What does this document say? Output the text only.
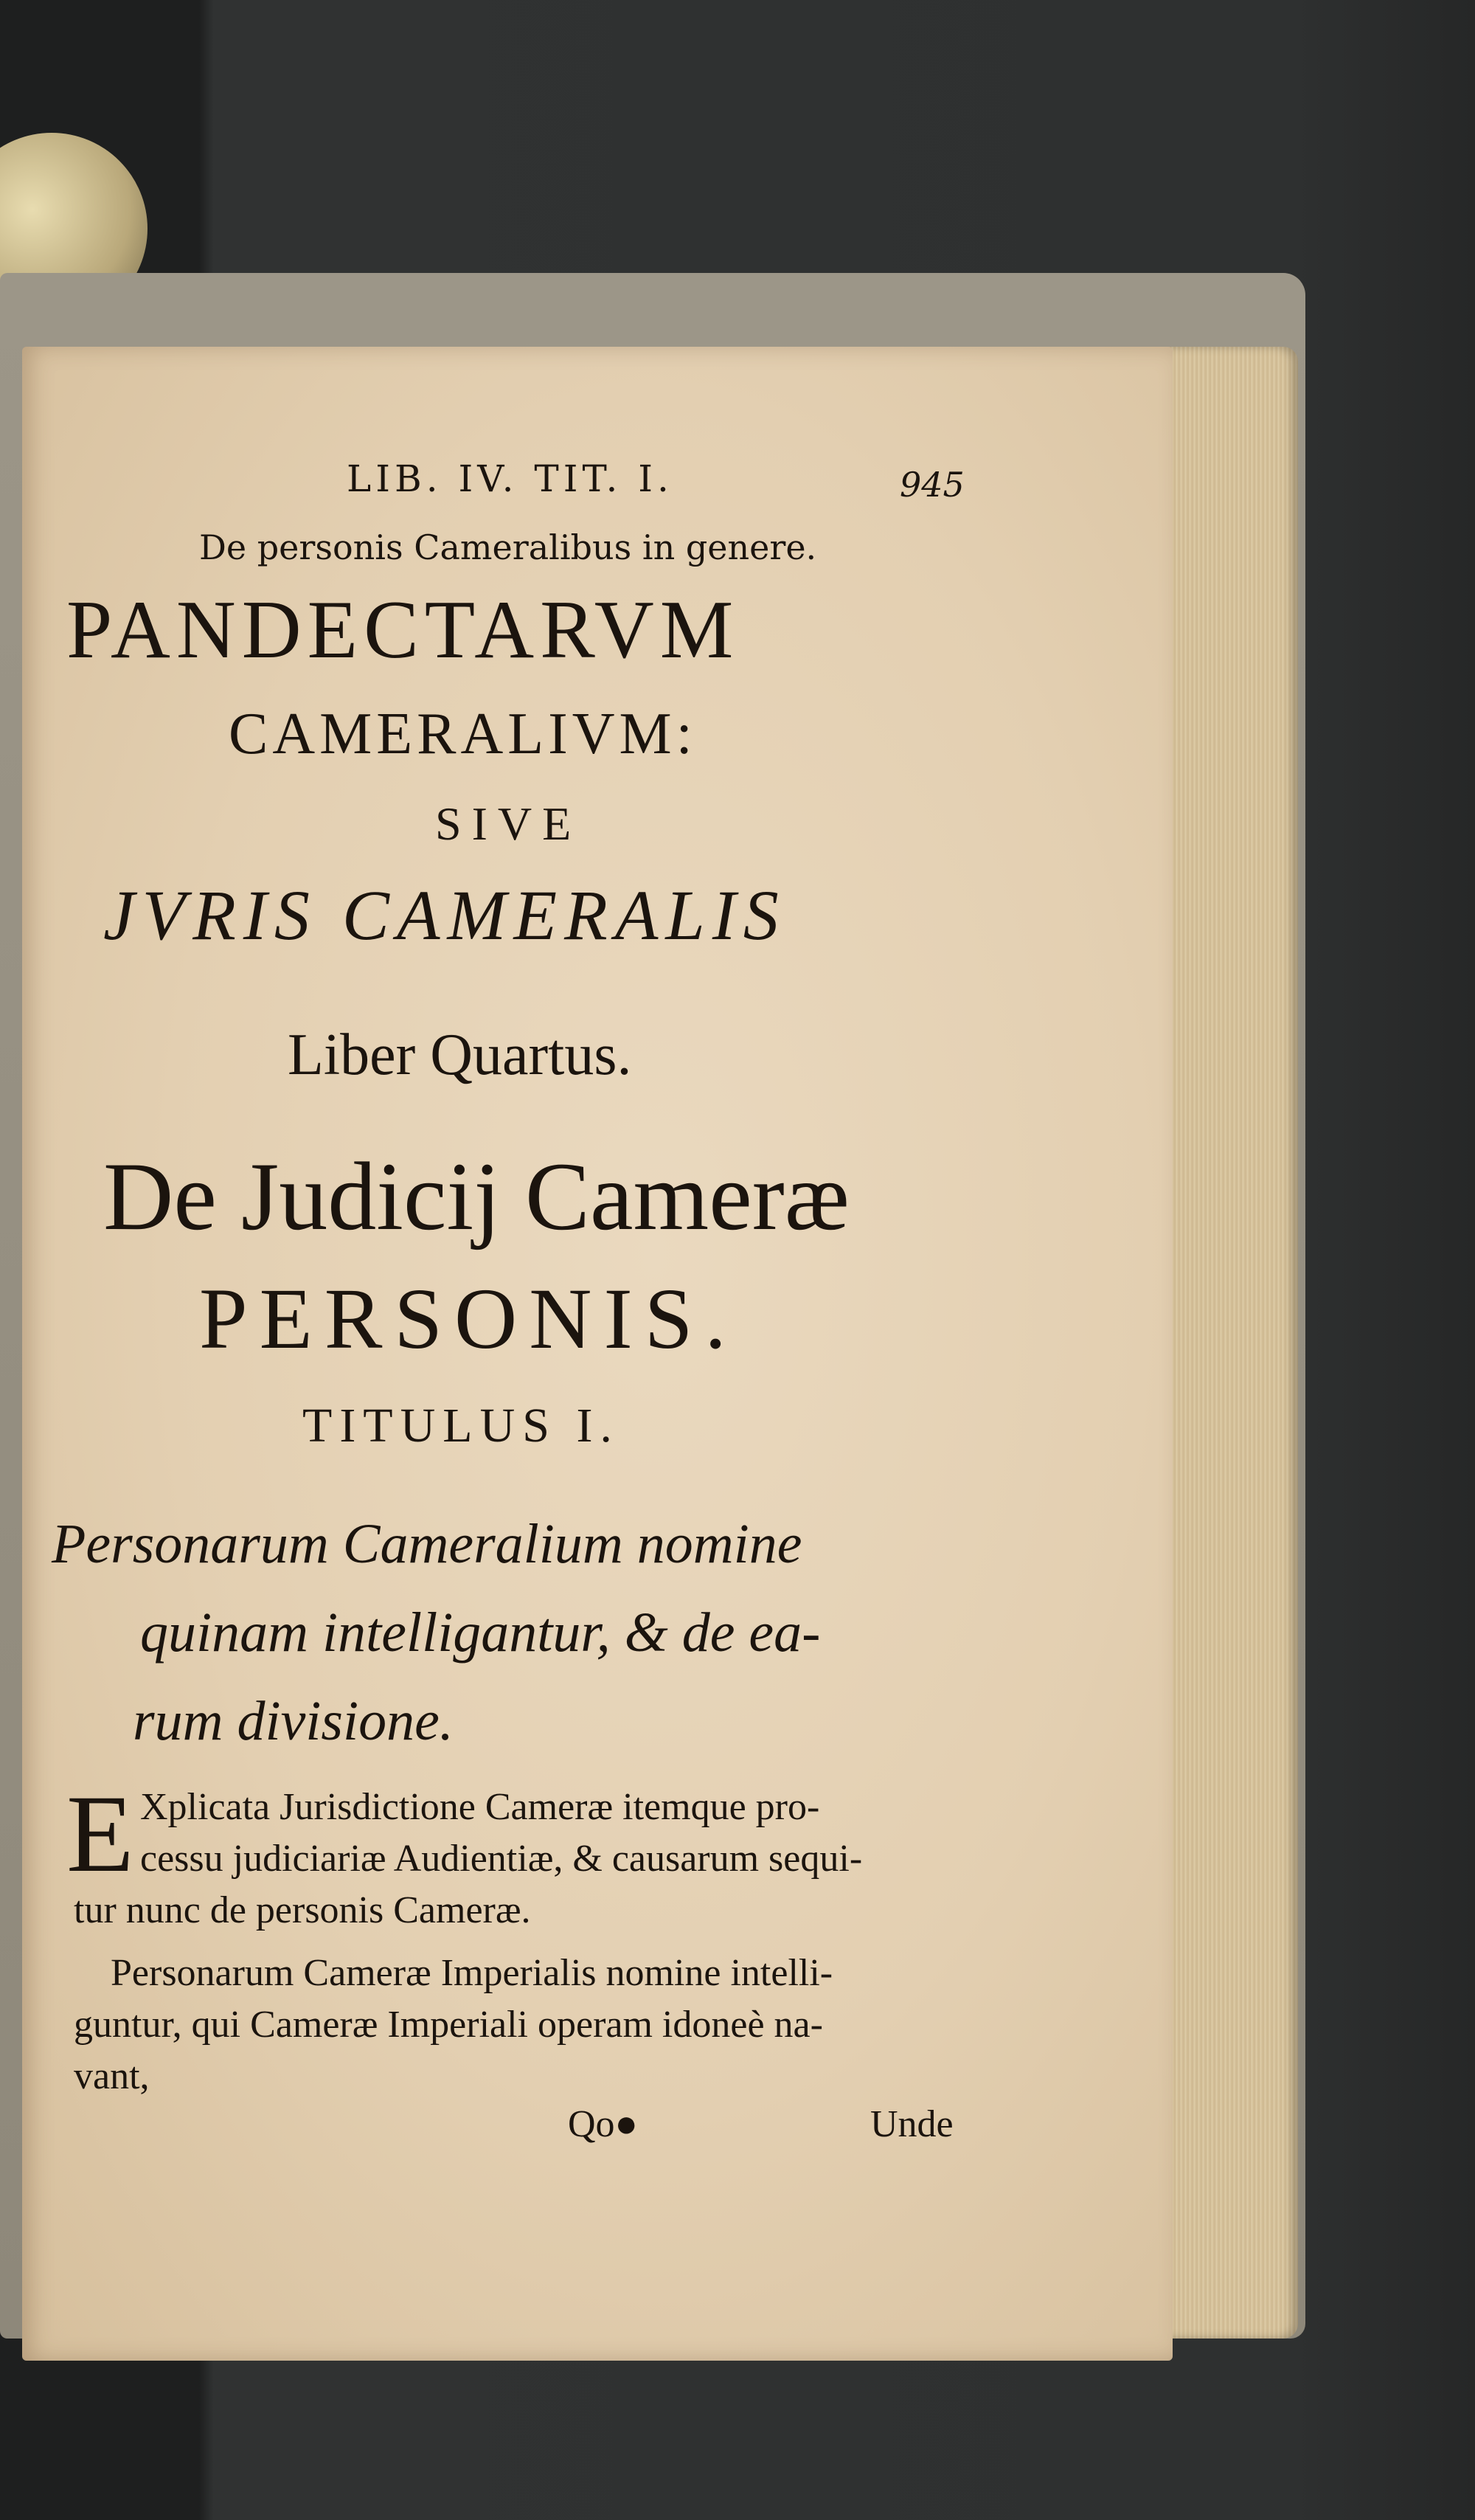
LIB. IV. TIT. I.	945
De personis Cameralibus in genere.
PANDECTARVM
CAMERALIVM:
SIVE
JVRIS CAMERALIS
Liber Quartus.
De Judicij Cameræ
PERSONIS.
TITULUS I.
Personarum Cameralium nomine
quinam intelligantur, & de ea-
rum divisione.
E Xplicata Jurisdictione Cameræ itemque pro-
cessu judiciariæ Audientiæ, & causarum sequi-
tur nunc de personis Cameræ.
Personarum Cameræ Imperialis nomine intelli-
guntur, qui Cameræ Imperiali operam idoneè na-
vant,
Qo●	Unde
